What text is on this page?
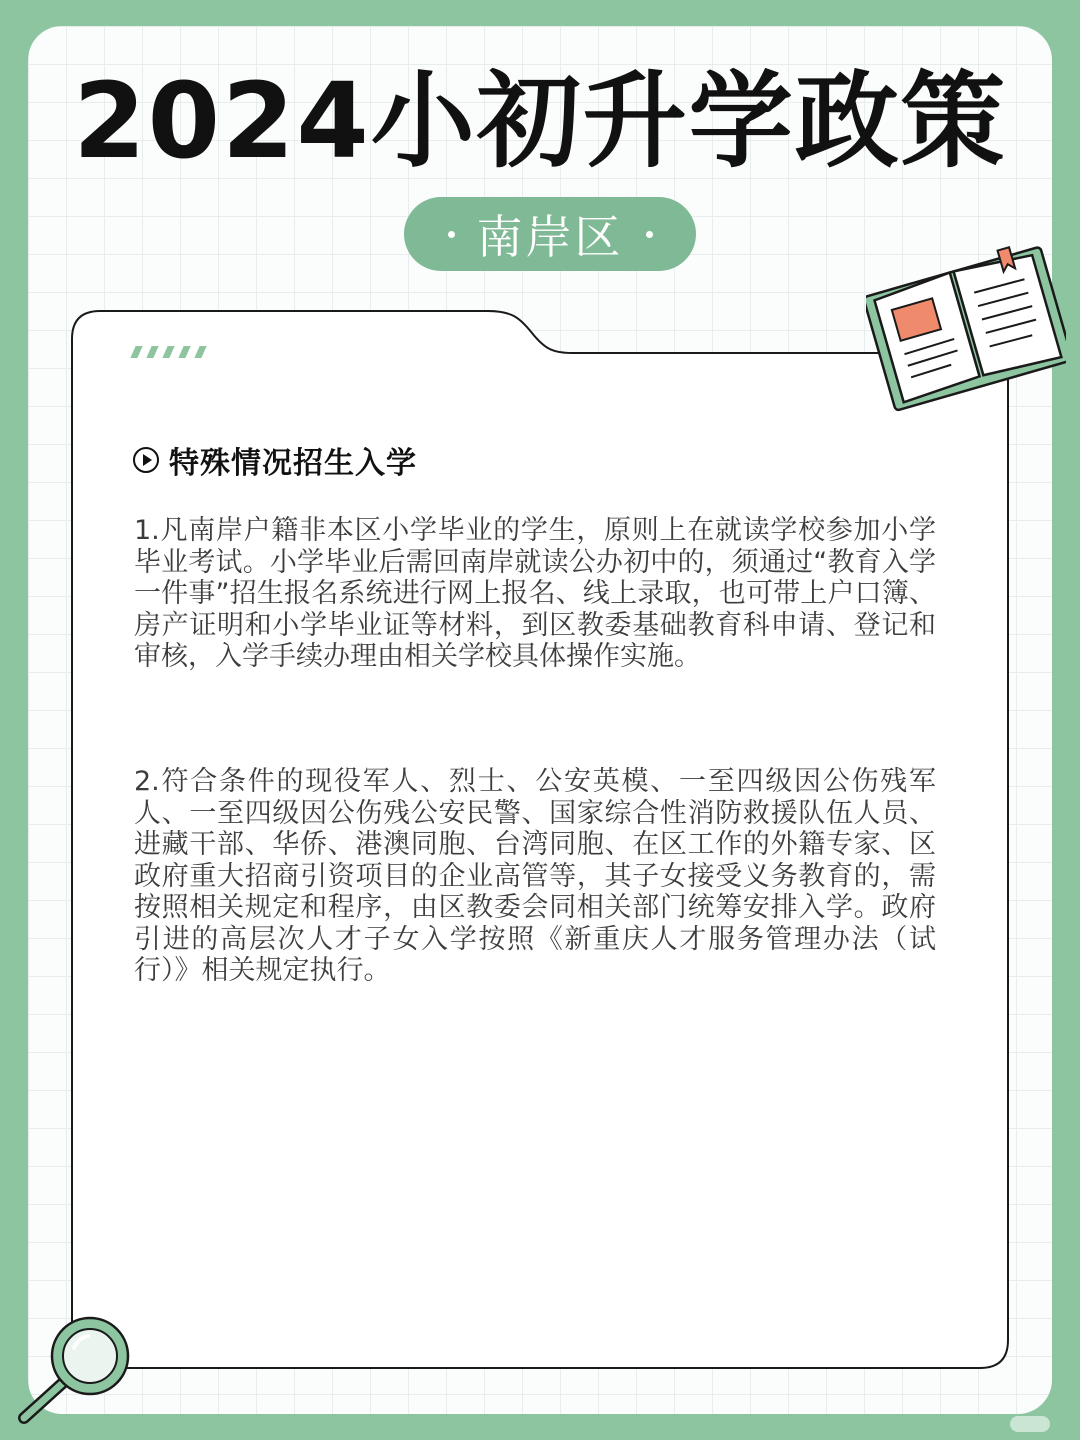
2024小初升学政策
南岸区
特殊情况招生入学

1.凡南岸户籍非本区小学毕业的学生，原则上在就读学校参加小学毕业考试。小学毕业后需回南岸就读公办初中的，须通过“教育入学一件事”招生报名系统进行网上报名、线上录取，也可带上户口簿、房产证明和小学毕业证等材料，到区教委基础教育科申请、登记和审核，入学手续办理由相关学校具体操作实施。

2.符合条件的现役军人、烈士、公安英模、一至四级因公伤残军人、一至四级因公伤残公安民警、国家综合性消防救援队伍人员、进藏干部、华侨、港澳同胞、台湾同胞、在区工作的外籍专家、区政府重大招商引资项目的企业高管等，其子女接受义务教育的，需按照相关规定和程序，由区教委会同相关部门统筹安排入学。政府引进的高层次人才子女入学按照《新重庆人才服务管理办法（试行）》相关规定执行。
